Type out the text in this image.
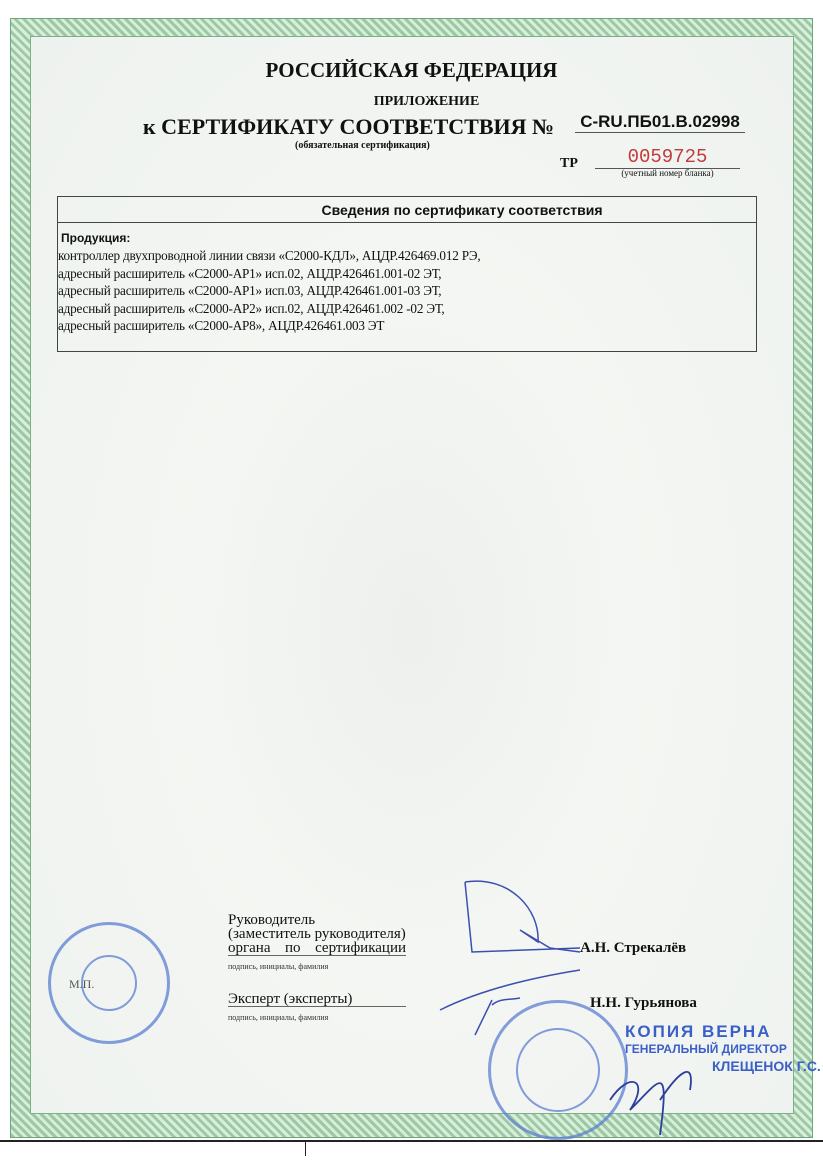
РОССИЙСКАЯ ФЕДЕРАЦИЯ
ПРИЛОЖЕНИЕ
к СЕРТИФИКАТУ СООТВЕТСТВИЯ №	C-RU.ПБ01.В.02998
(обязательная сертификация)
ТР	0059725
(учетный номер бланка)
Сведения по сертификату соответствия
Продукция:
контроллер двухпроводной линии связи «С2000-КДЛ», АЦДР.426469.012 РЭ,
адресный расширитель «С2000-АР1» исп.02, АЦДР.426461.001-02 ЭТ,
адресный расширитель «С2000-АР1» исп.03, АЦДР.426461.001-03 ЭТ,
адресный расширитель «С2000-АР2» исп.02, АЦДР.426461.002 -02 ЭТ,
адресный расширитель «С2000-АР8», АЦДР.426461.003 ЭТ
Руководитель
(заместитель руководителя)
органа по сертификации
подпись, инициалы, фамилия
А.Н. Стрекалёв
Эксперт (эксперты)
подпись, инициалы, фамилия
Н.Н. Гурьянова
М.П.
КОПИЯ ВЕРНА
ГЕНЕРАЛЬНЫЙ ДИРЕКТОР
КЛЕЩЕНОК Г.С.
